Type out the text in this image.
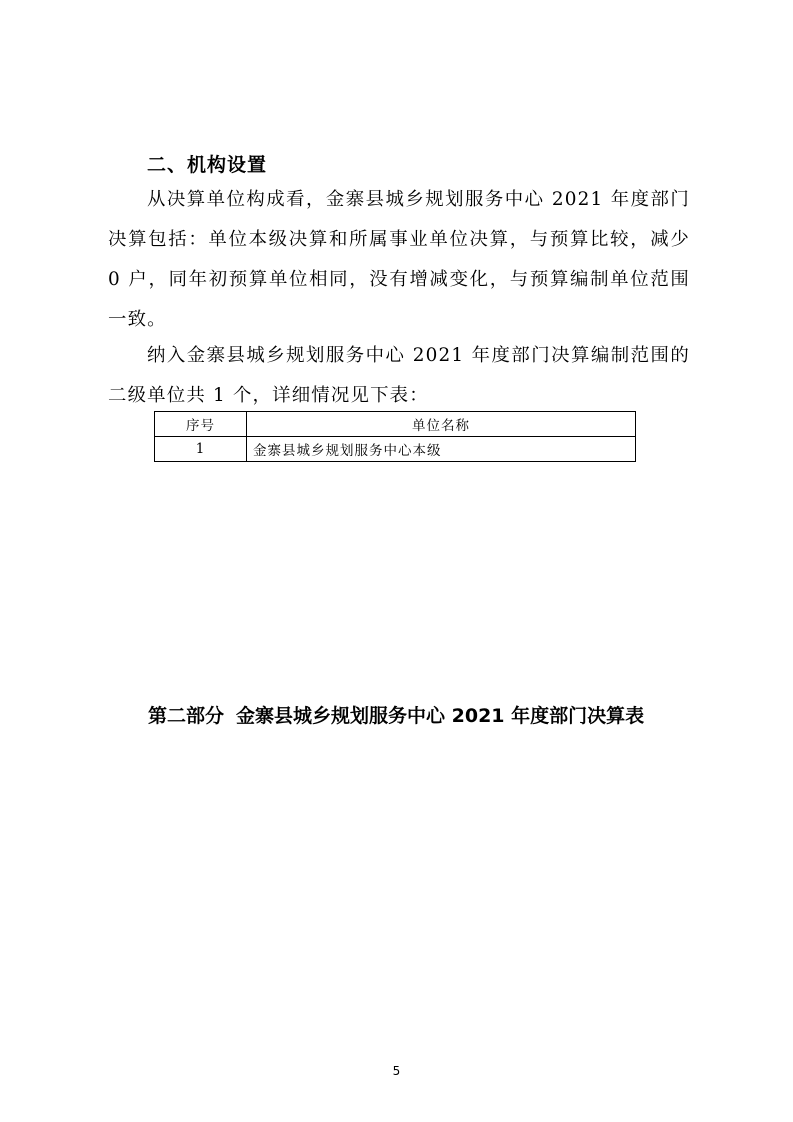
二、机构设置

从决算单位构成看，金寨县城乡规划服务中心 2021 年度部门决算包括：单位本级决算和所属事业单位决算，与预算比较，减少 0 户，同年初预算单位相同，没有增减变化，与预算编制单位范围一致。

纳入金寨县城乡规划服务中心 2021 年度部门决算编制范围的二级单位共 1 个，详细情况见下表：

序号	单位名称
1	金寨县城乡规划服务中心本级
第二部分 金寨县城乡规划服务中心 2021 年度部门决算表
5
